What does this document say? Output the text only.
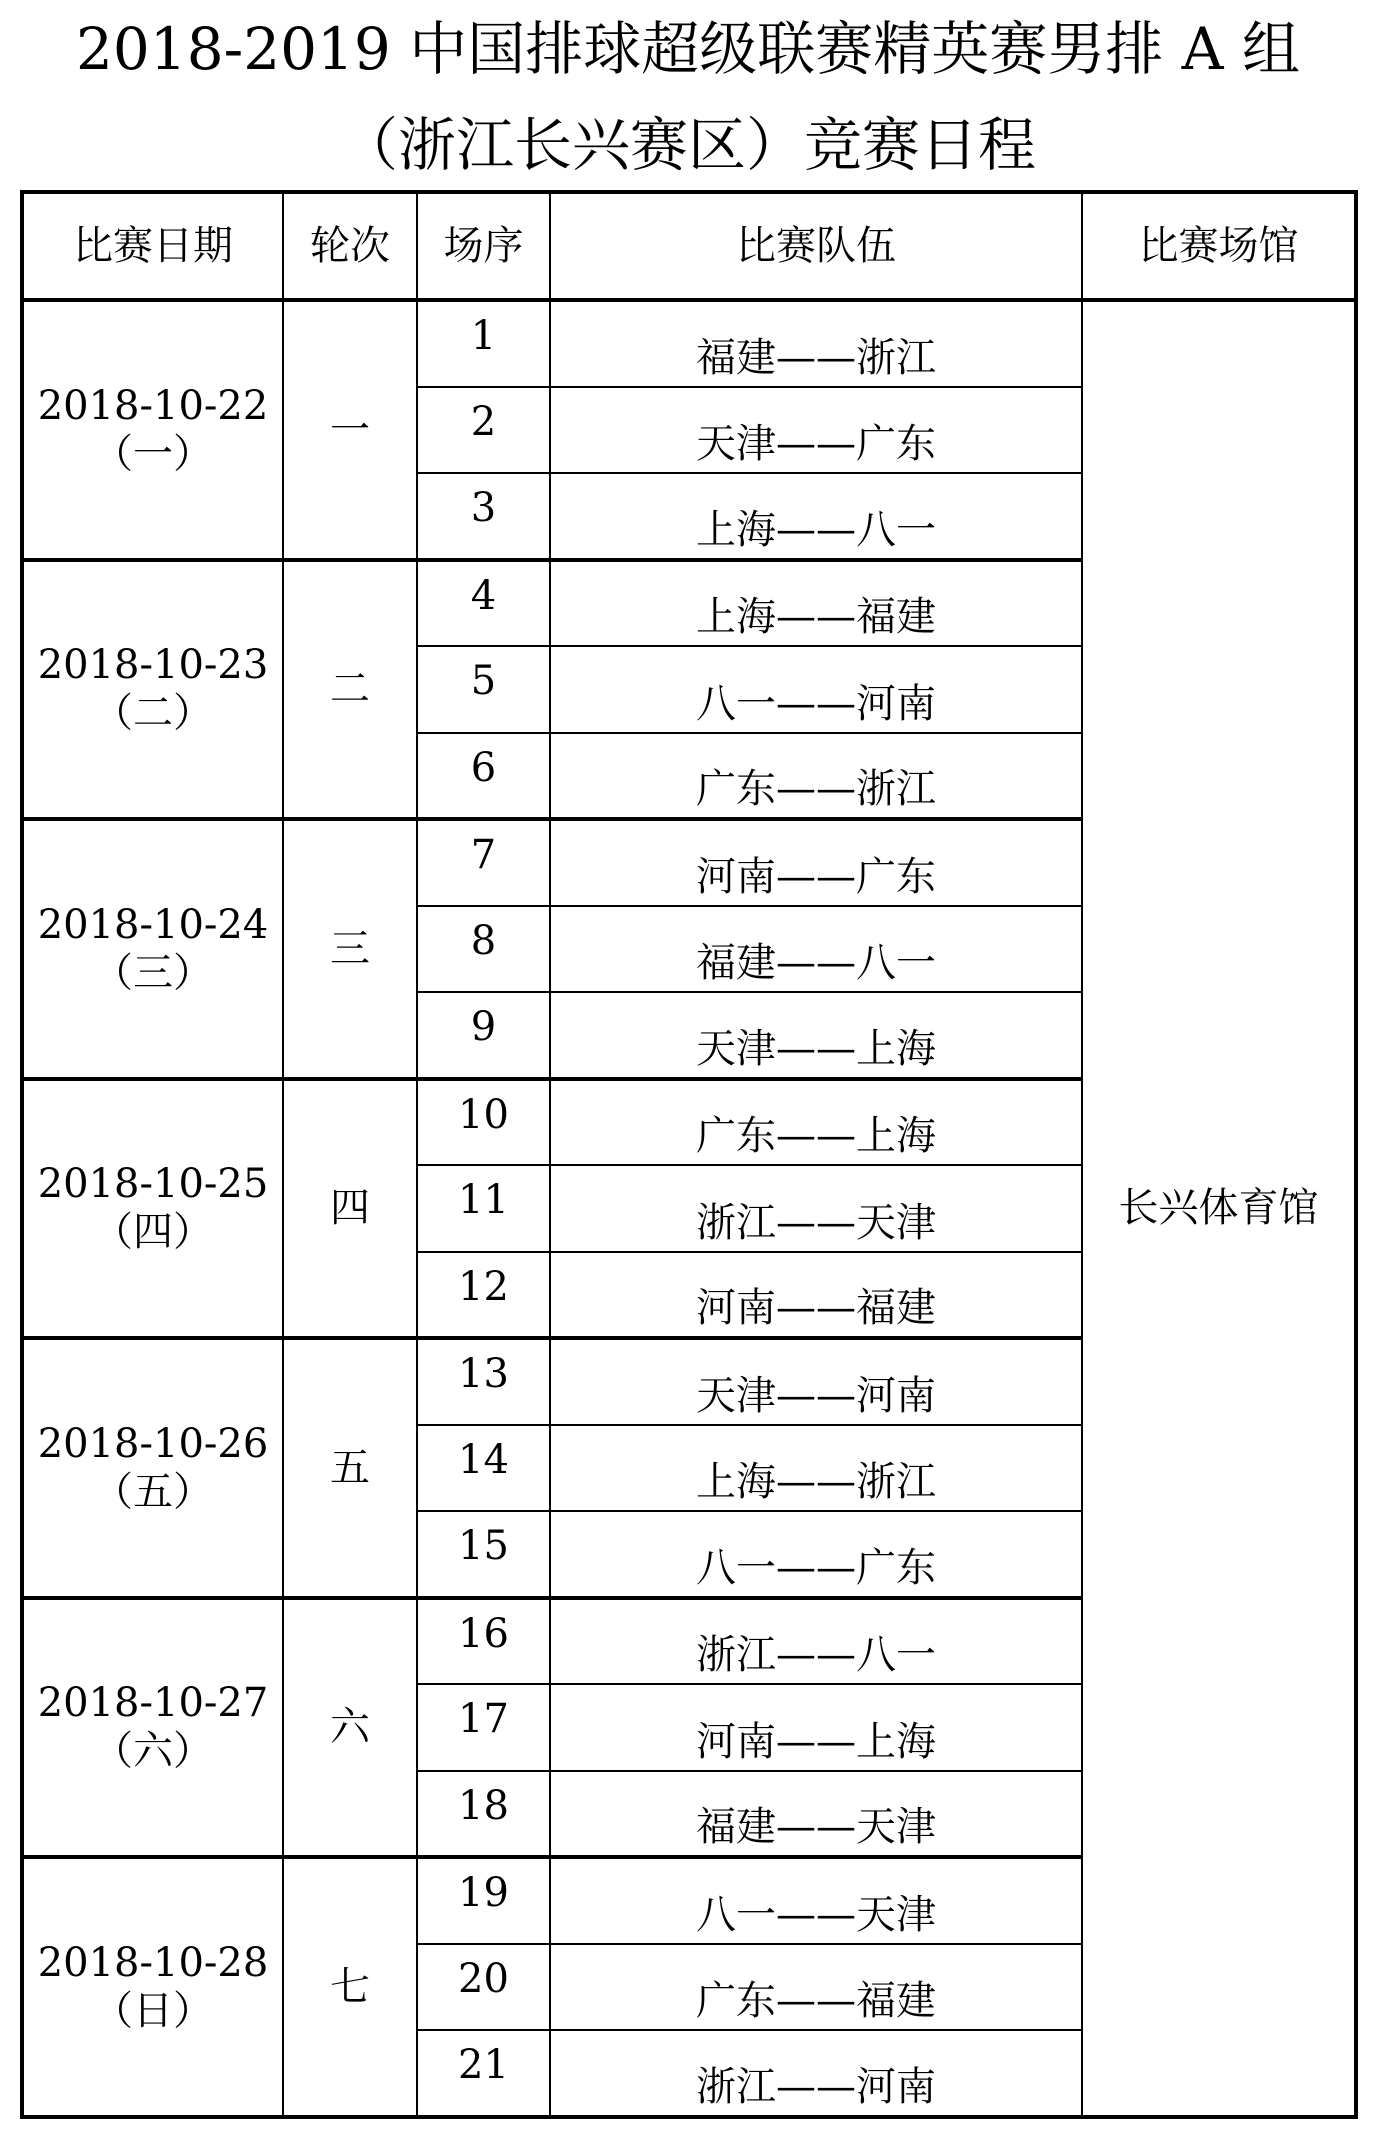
2018-2019 中国排球超级联赛精英赛男排 A 组
（浙江长兴赛区）竞赛日程
比赛日期	轮次	场序	比赛队伍	比赛场馆

2018-10-22
（一）	一	1	福建——浙江	长兴体育馆
		2	天津——广东	
		3	上海——八一	

2018-10-23
（二）	二	4	上海——福建	
		5	八一——河南	
		6	广东——浙江	

2018-10-24
（三）	三	7	河南——广东	
		8	福建——八一	
		9	天津——上海	

2018-10-25
（四）	四	10	广东——上海	
		11	浙江——天津	
		12	河南——福建	

2018-10-26
（五）	五	13	天津——河南	
		14	上海——浙江	
		15	八一——广东	

2018-10-27
（六）	六	16	浙江——八一	
		17	河南——上海	
		18	福建——天津	

2018-10-28
（日）	七	19	八一——天津	
		20	广东——福建	
		21	浙江——河南	
